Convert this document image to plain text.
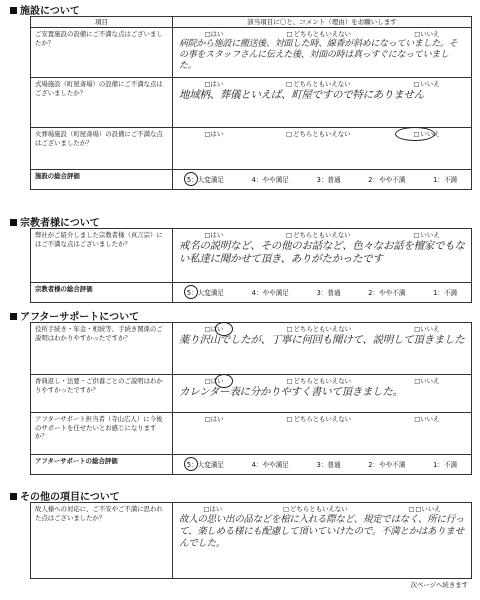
施設について
項目	該当項目に〇と、コメント（理由）をお願いします
ご安置施設の設備にご不満な点はございましたか？	□はい □ どちらともいえない □いいえ
病院から施設に搬送後、対面した時、線香が斜めになっていました。その事をスタッフさんに伝えた後、対面の時は真っすぐになっていました。

式場施設（町屋斎場）の設備にご不満な点はございましたか？	□はい □ どちらともいえない □ いいえ
地域柄、葬儀といえば、町屋ですので特にありません

火葬場施設（町屋斎場）の設備にご不満な点はございましたか？	□はい □ どちらともいえない □ いいえ

施設の総合評価	5：大変満足 4：やや満足 3：普通 2：やや不満 1：不満
宗教者様について
弊社がご紹介しました宗教者様（真言宗）にはご不満な点はございましたか？	□はい □ どちらともいえない □ いいえ
戒名の説明など、その他のお話など、色々なお話を檀家でもない私達に聞かせて頂き、ありがたかったです

宗教者様の総合評価	5：大変満足 4：やや満足 3：普通 2：やや不満 1：不満
アフターサポートについて
役所手続き・年金・相続等、手続き関係のご説明はわかりやすかったですか？	□はい □ どちらともいえない □いいえ
薬り沢山でしたが、丁寧に何回も聞けて、説明して頂きました

香典返し・法要・ご供養ごとのご説明はわかりやすかったですか？	□はい □ どちらともいえない □いいえ
カレンダー表に分かりやすく書いて頂きました。

アフターサポート担当者（寺山広人）に今後のサポートを任せたいとお感じになりますか？	□はい □ どちらともいえない □いいえ

アフターサポートの総合評価	5：大変満足 4：やや満足 3：普通 2：やや不満 1：不満
その他の項目について
故人様への対応に、ご不安やご不満に思われた点はございましたか？	
□はい	□ どちらともいえない	□ □いいえ
故人の思い出の品などを棺に入れる際など、規定ではなく、所に行って、楽しめる様にも配慮して頂いていけたので。不満とかはありませんでした。
次ページへ続きます
